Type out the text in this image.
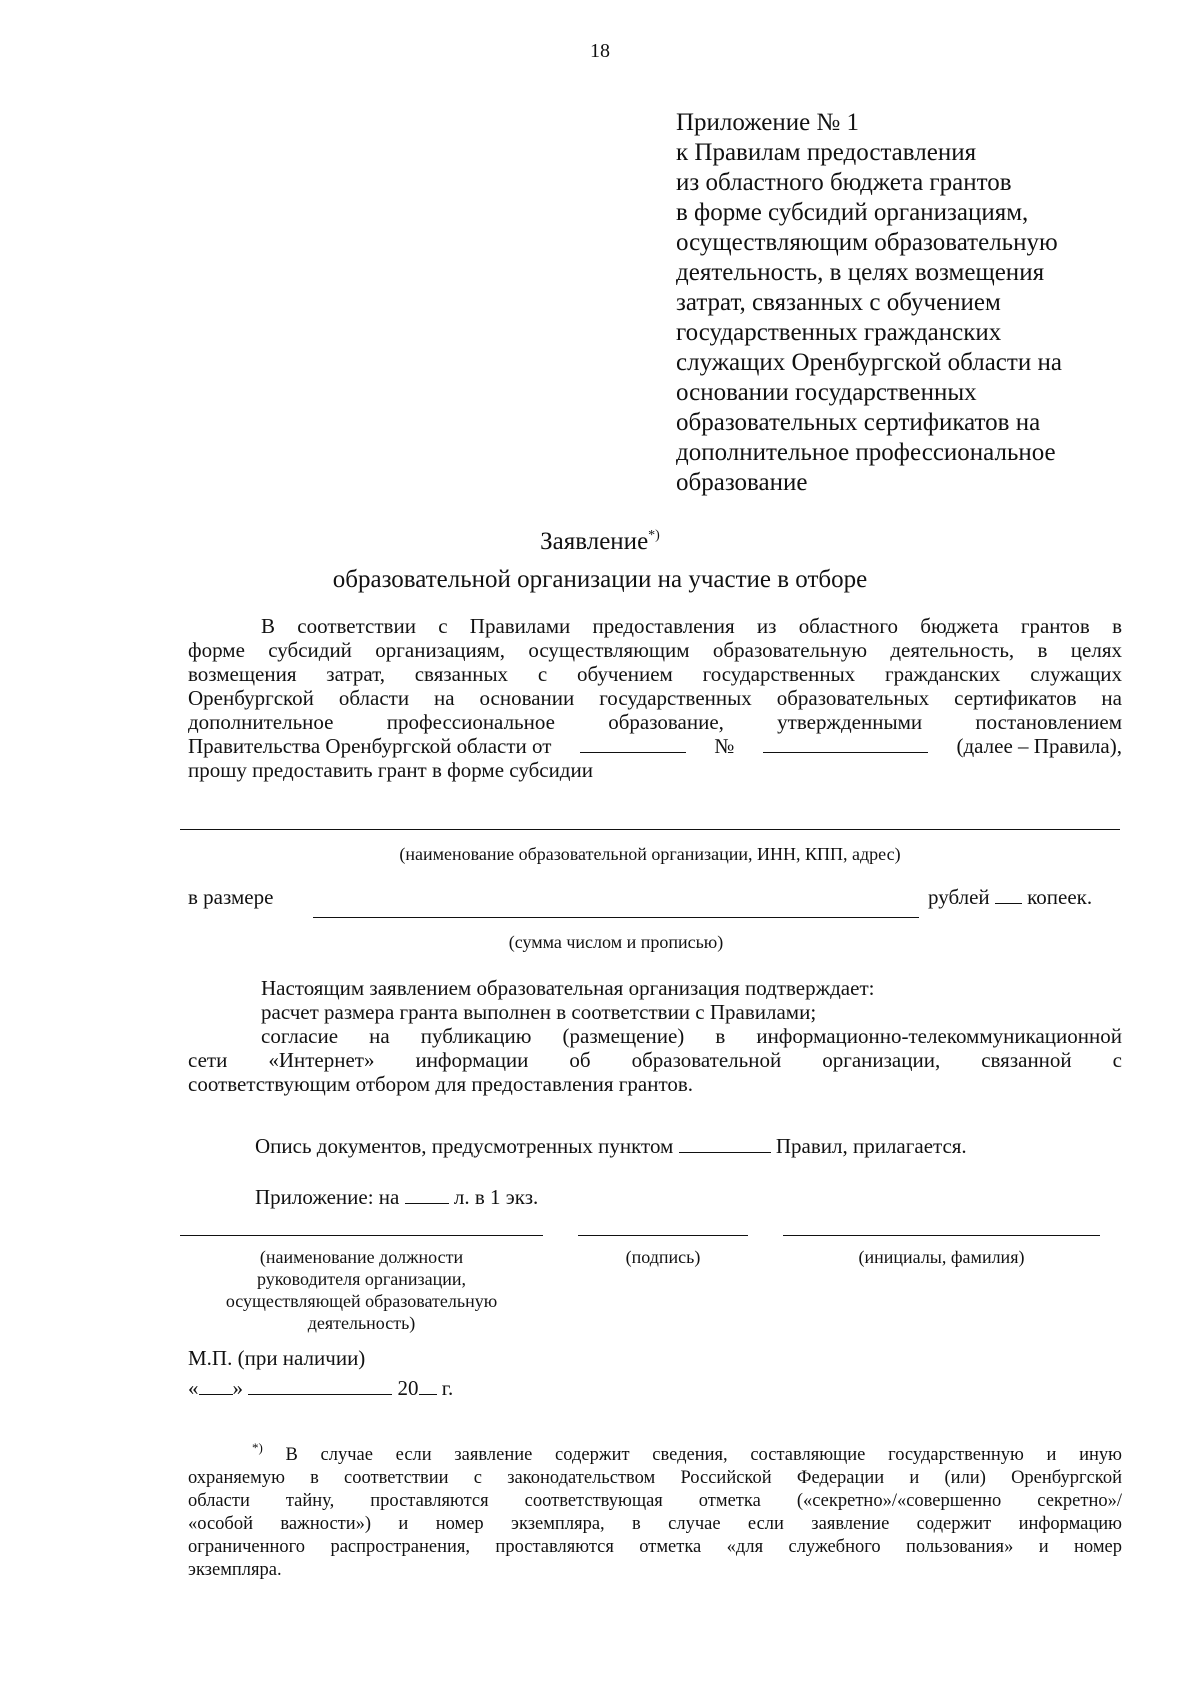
18
Приложение № 1
к Правилам предоставления
из областного бюджета грантов
в форме субсидий организациям,
осуществляющим образовательную
деятельность, в целях возмещения
затрат, связанных с обучением
государственных гражданских
служащих Оренбургской области на
основании государственных
образовательных сертификатов на
дополнительное профессиональное
образование
Заявление*)
образовательной организации на участие в отборе
В соответствии с Правилами предоставления из областного бюджета грантов в
форме субсидий организациям, осуществляющим образовательную деятельность, в целях
возмещения затрат, связанных с обучением государственных гражданских служащих
Оренбургской области на основании государственных образовательных сертификатов на
дополнительное профессиональное образование, утвержденными постановлением
Правительства Оренбургской области от	№	(далее – Правила),
прошу предоставить грант в форме субсидии
(наименование образовательной организации, ИНН, КПП, адрес)
в размере	рублей копеек.
(сумма числом и прописью)
Настоящим заявлением образовательная организация подтверждает:
расчет размера гранта выполнен в соответствии с Правилами;
согласие на публикацию (размещение) в информационно-телекоммуникационной
сети «Интернет» информации об образовательной организации, связанной с
соответствующим отбором для предоставления грантов.
Опись документов, предусмотренных пунктом	Правил, прилагается.
Приложение: на	л. в 1 экз.
(наименование должности
руководителя организации,
осуществляющей образовательную
деятельность)
(подпись)	(инициалы, фамилия)
М.П. (при наличии)
« »	20 г.
*) В случае если заявление содержит сведения, составляющие государственную и иную
охраняемую в соответствии с законодательством Российской Федерации и (или) Оренбургской
области тайну, проставляются соответствующая отметка («секретно»/«совершенно секретно»/
«особой важности») и номер экземпляра, в случае если заявление содержит информацию
ограниченного распространения, проставляются отметка «для служебного пользования» и номер
экземпляра.
